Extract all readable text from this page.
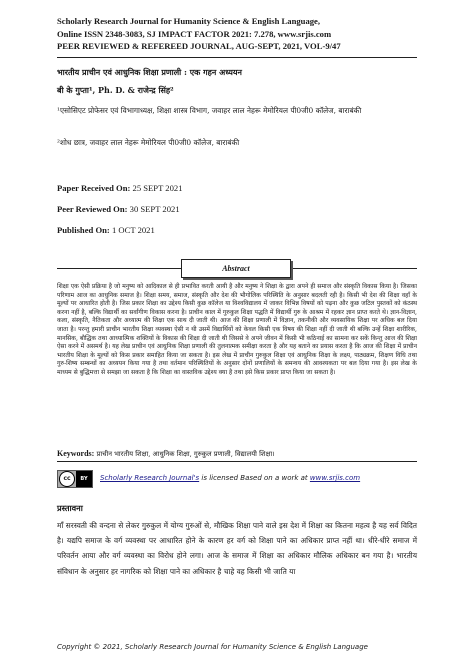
Scholarly Research Journal for Humanity Science & English Language,
Online ISSN 2348-3083, SJ IMPACT FACTOR 2021: 7.278, www.srjis.com
PEER REVIEWED & REFEREED JOURNAL, AUG-SEPT, 2021, VOL-9/47
भारतीय प्राचीन एवं आधुनिक शिक्षा प्रणाली : एक गहन अध्ययन
बी के गुप्ता¹, Ph. D. & राजेन्द्र सिंह²
¹एसोसिएट प्रोफेसर एवं विभागाध्यक्ष, शिक्षा शास्त्र विभाग, जवाहर लाल नेहरू मेमोरियल पी0जी0 कॉलेज, बाराबंकी
²शोध छात्र, जवाहर लाल नेहरू मेमोरियल पी0जी0 कॉलेज, बाराबंकी
Paper Received On: 25 SEPT 2021
Peer Reviewed On: 30 SEPT 2021
Published On: 1 OCT 2021
Abstract
शिक्षा एक ऐसी प्रक्रिया है जो मनुष्य को आदिकाल से ही प्रभावित करती आयी है और मनुष्य ने शिक्षा के द्वारा अपने ही समाज और संस्कृति विकास किया है। जिसका परिणाम आज का आधुनिक समाज है। शिक्षा समय, समाज, संस्कृति और देश की भौगोलिक परिस्थिति के अनुसार बदलती रही है। किसी भी देश की शिक्षा वहाँ के मूल्यों पर आधारित होती है। जिस प्रकार शिक्षा का उद्देश्य किसी कुछ कॉलेज या विश्वविद्यालय में जाकर विभिन्न विषयों को पढ़ना और कुछ जटिल पुस्तकों को कंठस्थ करना नहीं है, बल्कि विद्यार्थी का सर्वांगीण विकास करना है। प्राचीन काल में गुरुकुल शिक्षा पद्धति में विद्यार्थी गुरु के आश्रम में रहकर ज्ञान प्राप्त करते थे। ज्ञान-विज्ञान, कला, संस्कृति, नैतिकता और अध्यात्म की शिक्षा एक साथ दी जाती थी। आज की शिक्षा प्रणाली में विज्ञान, तकनीकी और व्यवसायिक शिक्षा पर अधिक बल दिया जाता है। परन्तु हमारी प्राचीन भारतीय शिक्षा व्यवस्था ऐसी न थी उसमें विद्यार्थियों को केवल किसी एक विषय की शिक्षा नहीं दी जाती थी बल्कि उन्हें शिक्षा शारीरिक, मानसिक, बौद्धिक तथा आध्यात्मिक शक्तियों के विकास की शिक्षा दी जाती थी जिससे वे अपने जीवन में किसी भी कठिनाई का सामना कर सकें किन्तु आज की शिक्षा ऐसा करने में असमर्थ है। यह लेख प्राचीन एवं आधुनिक शिक्षा प्रणाली की तुलनात्मक समीक्षा करता है और यह बताने का प्रयास करता है कि आज की शिक्षा में प्राचीन भारतीय शिक्षा के मूल्यों को किस प्रकार समाहित किया जा सकता है। इस लेख में प्राचीन गुरुकुल शिक्षा एवं आधुनिक शिक्षा के लक्ष्य, पाठ्यक्रम, शिक्षण विधि तथा गुरु-शिष्य सम्बन्धों का अध्ययन किया गया है तथा वर्तमान परिस्थितियों के अनुसार दोनों प्रणालियों के समन्वय की आवश्यकता पर बल दिया गया है। इस लेख के माध्यम से बुद्धिमत्ता से समझा जा सकता है कि शिक्षा का वास्तविक उद्देश्य क्या है तथा इसे किस प्रकार प्राप्त किया जा सकता है।
Keywords: प्राचीन भारतीय शिक्षा, आधुनिक शिक्षा, गुरुकुल प्रणाली, विद्यालयी शिक्षा।
cc	BY	Scholarly Research Journal's is licensed Based on a work at www.srjis.com
प्रस्तावना
माँ सरस्वती की वन्दना से लेकर गुरुकुल में योग्य गुरुओं से, मौखिक शिक्षा पाने वाले इस देश में शिक्षा का कितना महत्व है यह सर्व विदित है। यद्यपि समाज के वर्ग व्यवस्था पर आधारित होने के कारण हर वर्ग को शिक्षा पाने का अधिकार प्राप्त नहीं था। धीरे-धीरे समाज में परिवर्तन आया और वर्ग व्यवस्था का विरोध होने लगा। आज के समाज में शिक्षा का अधिकार मौलिक अधिकार बन गया है। भारतीय संविधान के अनुसार हर नागरिक को शिक्षा पाने का अधिकार है चाहे वह किसी भी जाति या
Copyright © 2021, Scholarly Research Journal for Humanity Science & English Language
